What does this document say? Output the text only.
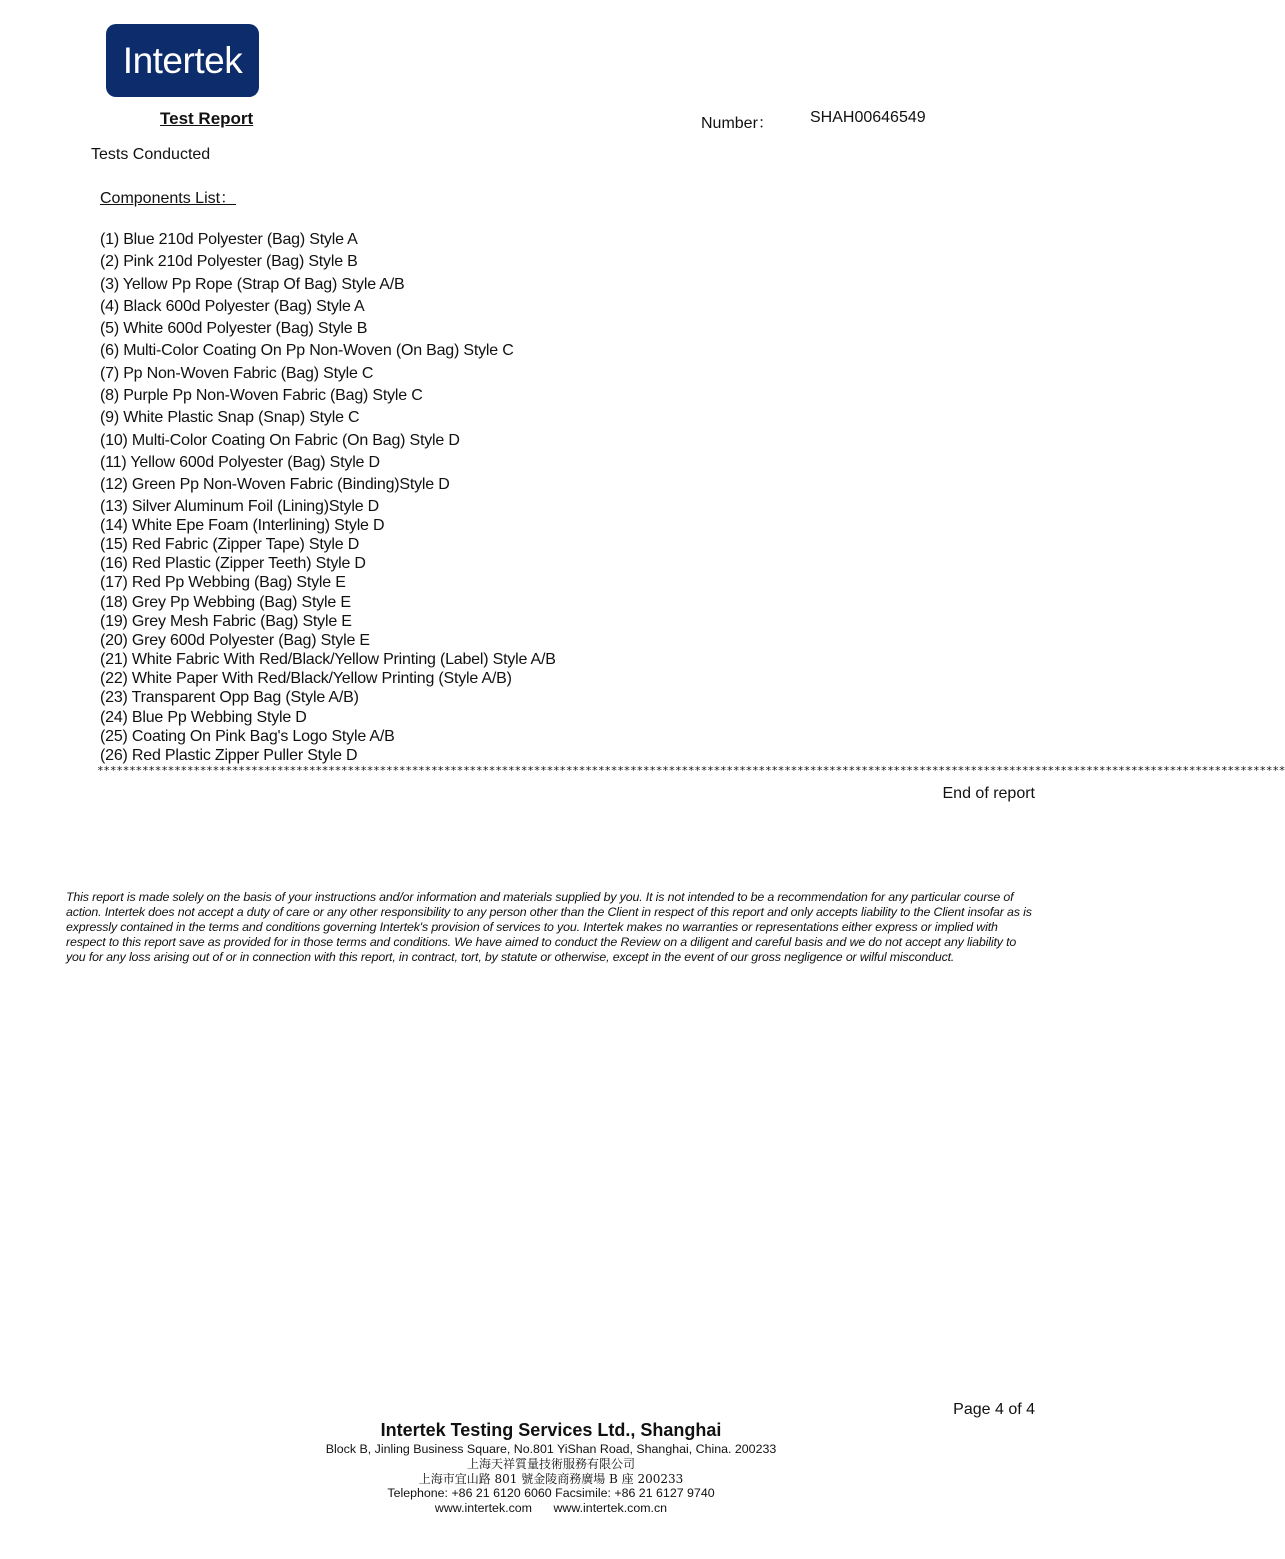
Intertek
Test Report	Number： SHAH00646549
Tests Conducted
Components List：
(1) Blue 210d Polyester (Bag) Style A
(2) Pink 210d Polyester (Bag) Style B
(3) Yellow Pp Rope (Strap Of Bag) Style A/B
(4) Black 600d Polyester (Bag) Style A
(5) White 600d Polyester (Bag) Style B
(6) Multi-Color Coating On Pp Non-Woven (On Bag) Style C
(7) Pp Non-Woven Fabric (Bag) Style C
(8) Purple Pp Non-Woven Fabric (Bag) Style C
(9) White Plastic Snap (Snap) Style C
(10) Multi-Color Coating On Fabric (On Bag) Style D
(11) Yellow 600d Polyester (Bag) Style D
(12) Green Pp Non-Woven Fabric (Binding)Style D
(13) Silver Aluminum Foil (Lining)Style D
(14) White Epe Foam (Interlining) Style D
(15) Red Fabric (Zipper Tape) Style D
(16) Red Plastic (Zipper Teeth) Style D
(17) Red Pp Webbing (Bag) Style E
(18) Grey Pp Webbing (Bag) Style E
(19) Grey Mesh Fabric (Bag) Style E
(20) Grey 600d Polyester (Bag) Style E
(21) White Fabric With Red/Black/Yellow Printing (Label) Style A/B
(22) White Paper With Red/Black/Yellow Printing (Style A/B)
(23) Transparent Opp Bag (Style A/B)
(24) Blue Pp Webbing Style D
(25) Coating On Pink Bag's Logo Style A/B
(26) Red Plastic Zipper Puller Style D
*****************************************************************************************************************************************************************************************
End of report
This report is made solely on the basis of your instructions and/or information and materials supplied by you. It is not intended to be a recommendation for any particular course of action. Intertek does not accept a duty of care or any other responsibility to any person other than the Client in respect of this report and only accepts liability to the Client insofar as is expressly contained in the terms and conditions governing Intertek's provision of services to you. Intertek makes no warranties or representations either express or implied with respect to this report save as provided for in those terms and conditions. We have aimed to conduct the Review on a diligent and careful basis and we do not accept any liability to you for any loss arising out of or in connection with this report, in contract, tort, by statute or otherwise, except in the event of our gross negligence or wilful misconduct.
Page 4 of 4
Intertek Testing Services Ltd., Shanghai
Block B, Jinling Business Square, No.801 YiShan Road, Shanghai, China. 200233
上海天祥質量技術服務有限公司
上海市宜山路 801 號金陵商務廣場 B 座 200233
Telephone: +86 21 6120 6060 Facsimile: +86 21 6127 9740
www.intertek.com www.intertek.com.cn
